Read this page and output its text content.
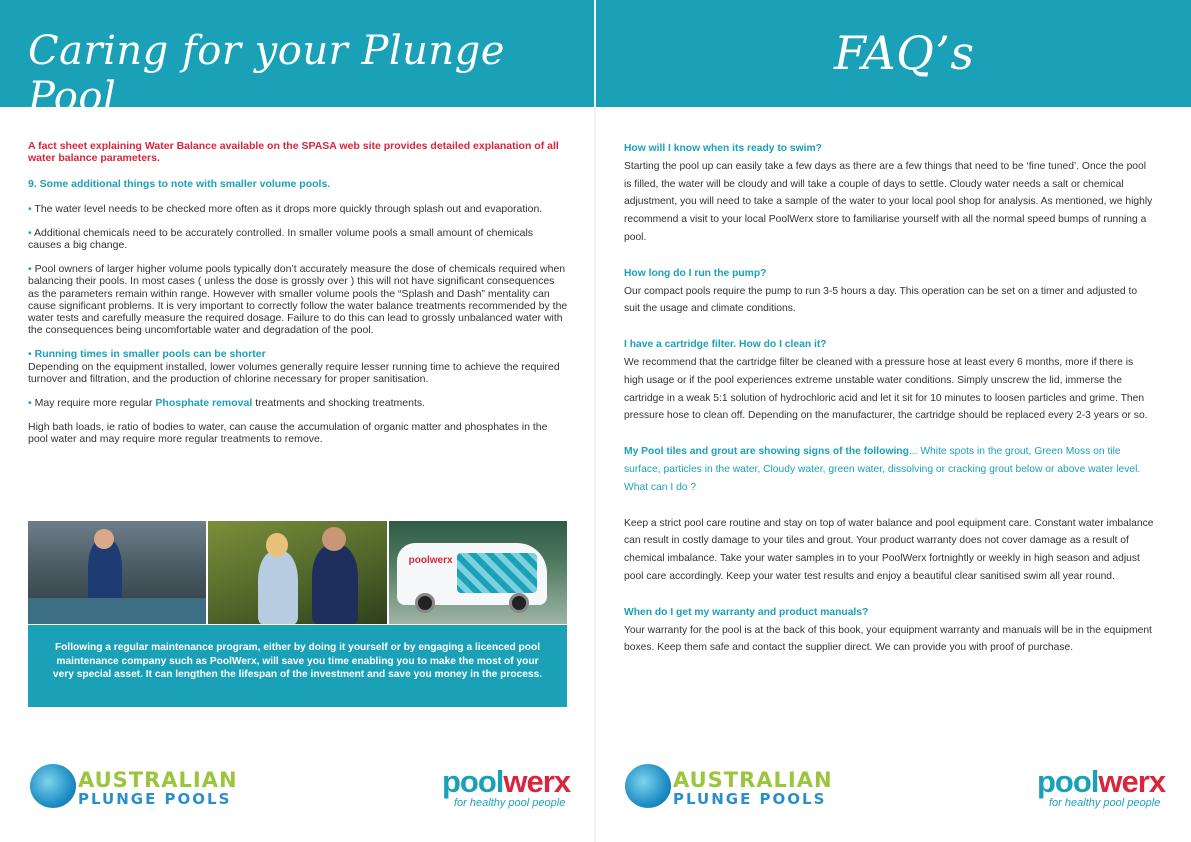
Caring for your Plunge Pool
FAQ’s

A fact sheet explaining Water Balance available on the SPASA web site provides detailed explanation of all water balance parameters.

9. Some additional things to note with smaller volume pools.

• The water level needs to be checked more often as it drops more quickly through splash out and evaporation.

• Additional chemicals need to be accurately controlled. In smaller volume pools a small amount of chemicals causes a big change.

• Pool owners of larger higher volume pools typically don’t accurately measure the dose of chemicals required when balancing their pools. In most cases ( unless the dose is grossly over ) this will not have significant consequences as the parameters remain within range. However with smaller volume pools the “Splash and Dash” mentality can cause significant problems. It is very important to correctly follow the water balance treatments recommended by the water tests and carefully measure the required dosage. Failure to do this can lead to grossly unbalanced water with the consequences being uncomfortable water and degradation of the pool.

• Running times in smaller pools can be shorter
Depending on the equipment installed, lower volumes generally require lesser running time to achieve the required turnover and filtration, and the production of chlorine necessary for proper sanitisation.

• May require more regular Phosphate removal treatments and shocking treatments.

High bath loads, ie ratio of bodies to water, can cause the accumulation of organic matter and phosphates in the pool water and may require more regular treatments to remove.

poolwerx
Following a regular maintenance program, either by doing it yourself or by engaging a licenced pool maintenance company such as PoolWerx, will save you time enabling you to make the most of your very special asset. It can lengthen the lifespan of the investment and save you money in the process.
How will I know when its ready to swim?
Starting the pool up can easily take a few days as there are a few things that need to be ‘fine tuned’. Once the pool is filled, the water will be cloudy and will take a couple of days to settle. Cloudy water needs a salt or chemical adjustment, you will need to take a sample of the water to your local pool shop for analysis. As mentioned, we highly recommend a visit to your local PoolWerx store to familiarise yourself with all the normal speed bumps of running a pool.
How long do I run the pump?
Our compact pools require the pump to run 3-5 hours a day. This operation can be set on a timer and adjusted to suit the usage and climate conditions.
I have a cartridge filter. How do I clean it?
We recommend that the cartridge filter be cleaned with a pressure hose at least every 6 months, more if there is high usage or if the pool experiences extreme unstable water conditions. Simply unscrew the lid, immerse the cartridge in a weak 5:1 solution of hydrochloric acid and let it sit for 10 minutes to loosen particles and grime. Then pressure hose to clean off. Depending on the manufacturer, the cartridge should be replaced every 2-3 years or so.
My Pool tiles and grout are showing signs of the following... White spots in the grout, Green Moss on tile surface, particles in the water, Cloudy water, green water, dissolving or cracking grout below or above water level. What can I do ?
Keep a strict pool care routine and stay on top of water balance and pool equipment care. Constant water imbalance can result in costly damage to your tiles and grout. Your product warranty does not cover damage as a result of chemical imbalance. Take your water samples in to your PoolWerx fortnightly or weekly in high season and adjust pool care accordingly. Keep your water test results and enjoy a beautiful clear sanitised swim all year round.
When do I get my warranty and product manuals?
Your warranty for the pool is at the back of this book, your equipment warranty and manuals will be in the equipment boxes. Keep them safe and contact the supplier direct. We can provide you with proof of purchase.
AUSTRALIAN
PLUNGE POOLS	poolwerx
for healthy pool people
AUSTRALIAN
PLUNGE POOLS	poolwerx
for healthy pool people
